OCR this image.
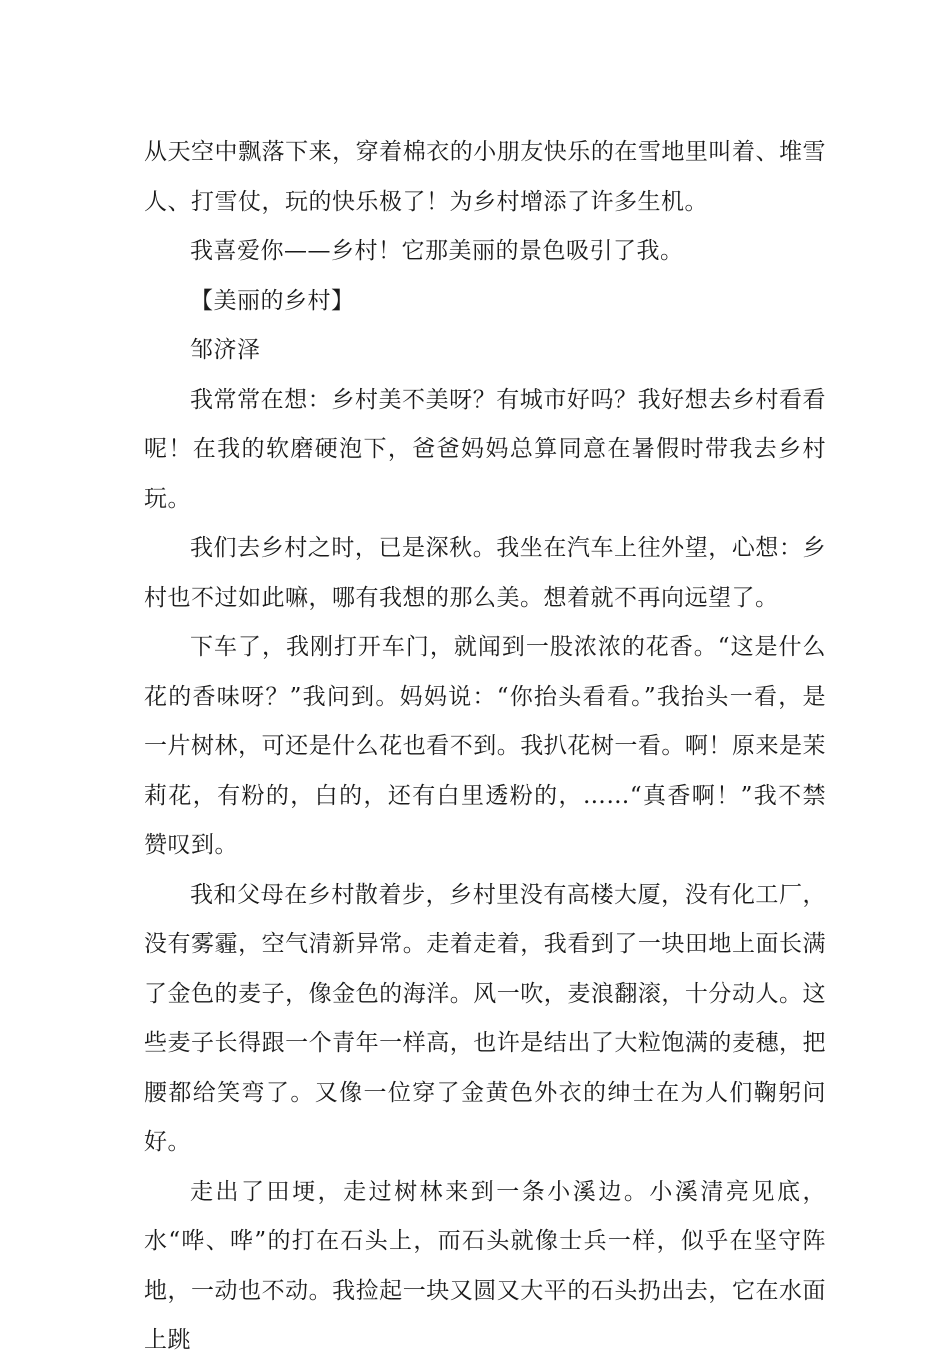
从天空中飘落下来，穿着棉衣的小朋友快乐的在雪地里叫着、堆雪人、打雪仗，玩的快乐极了！为乡村增添了许多生机。

我喜爱你——乡村！它那美丽的景色吸引了我。

【美丽的乡村】

邹济泽

我常常在想：乡村美不美呀？有城市好吗？我好想去乡村看看呢！在我的软磨硬泡下，爸爸妈妈总算同意在暑假时带我去乡村玩。

我们去乡村之时，已是深秋。我坐在汽车上往外望，心想：乡村也不过如此嘛，哪有我想的那么美。想着就不再向远望了。

下车了，我刚打开车门，就闻到一股浓浓的花香。“这是什么花的香味呀？”我问到。妈妈说：“你抬头看看。”我抬头一看，是一片树林，可还是什么花也看不到。我扒花树一看。啊！原来是茉莉花，有粉的，白的，还有白里透粉的，……“真香啊！”我不禁赞叹到。

我和父母在乡村散着步，乡村里没有高楼大厦，没有化工厂，没有雾霾，空气清新异常。走着走着，我看到了一块田地上面长满了金色的麦子，像金色的海洋。风一吹，麦浪翻滚，十分动人。这些麦子长得跟一个青年一样高，也许是结出了大粒饱满的麦穗，把腰都给笑弯了。又像一位穿了金黄色外衣的绅士在为人们鞠躬问好。

走出了田埂，走过树林来到一条小溪边。小溪清亮见底，水“哗、哗”的打在石头上，而石头就像士兵一样，似乎在坚守阵地，一动也不动。我捡起一块又圆又大平的石头扔出去，它在水面上跳
